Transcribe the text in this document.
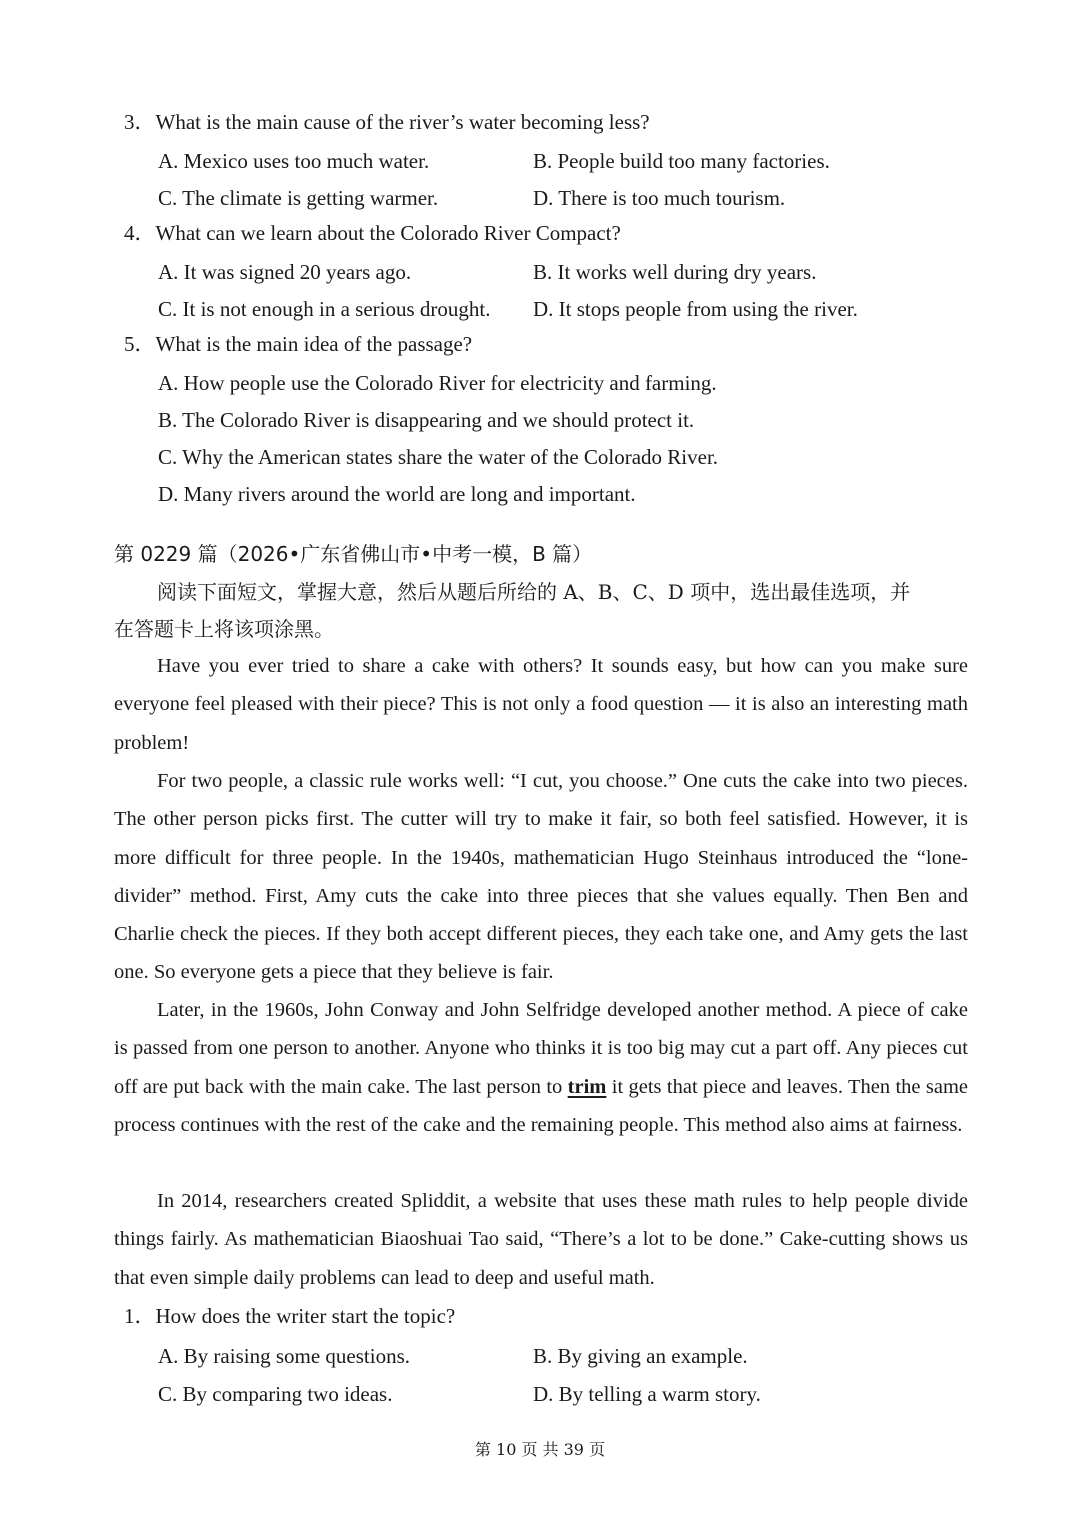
3．What is the main cause of the river’s water becoming less?
A. Mexico uses too much water.	B. People build too many factories.
C. The climate is getting warmer.	D. There is too much tourism.
4．What can we learn about the Colorado River Compact?
A. It was signed 20 years ago.	B. It works well during dry years.
C. It is not enough in a serious drought. D. It stops people from using the river.
5．What is the main idea of the passage?
A. How people use the Colorado River for electricity and farming.
B. The Colorado River is disappearing and we should protect it.
C. Why the American states share the water of the Colorado River.
D. Many rivers around the world are long and important.
第 0229 篇（2026•广东省佛山市•中考一模，B 篇）
阅读下面短文，掌握大意，然后从题后所给的 A、B、C、D 项中，选出最佳选项，并
在答题卡上将该项涂黑。
Have you ever tried to share a cake with others? It sounds easy, but how can you make sure everyone feel pleased with their piece? This is not only a food question — it is also an interesting math problem!
For two people, a classic rule works well: “I cut, you choose.” One cuts the cake into two pieces. The other person picks first. The cutter will try to make it fair, so both feel satisfied. However, it is more difficult for three people. In the 1940s, mathematician Hugo Steinhaus introduced the “lone-divider” method. First, Amy cuts the cake into three pieces that she values equally. Then Ben and Charlie check the pieces. If they both accept different pieces, they each take one, and Amy gets the last one. So everyone gets a piece that they believe is fair.
Later, in the 1960s, John Conway and John Selfridge developed another method. A piece of cake is passed from one person to another. Anyone who thinks it is too big may cut a part off. Any pieces cut off are put back with the main cake. The last person to trim it gets that piece and leaves. Then the same process continues with the rest of the cake and the remaining people. This method also aims at fairness.
In 2014, researchers created Spliddit, a website that uses these math rules to help people divide things fairly. As mathematician Biaoshuai Tao said, “There’s a lot to be done.” Cake-cutting shows us that even simple daily problems can lead to deep and useful math.
1．How does the writer start the topic?
A. By raising some questions.	B. By giving an example.
C. By comparing two ideas.	D. By telling a warm story.
第 10 页 共 39 页
